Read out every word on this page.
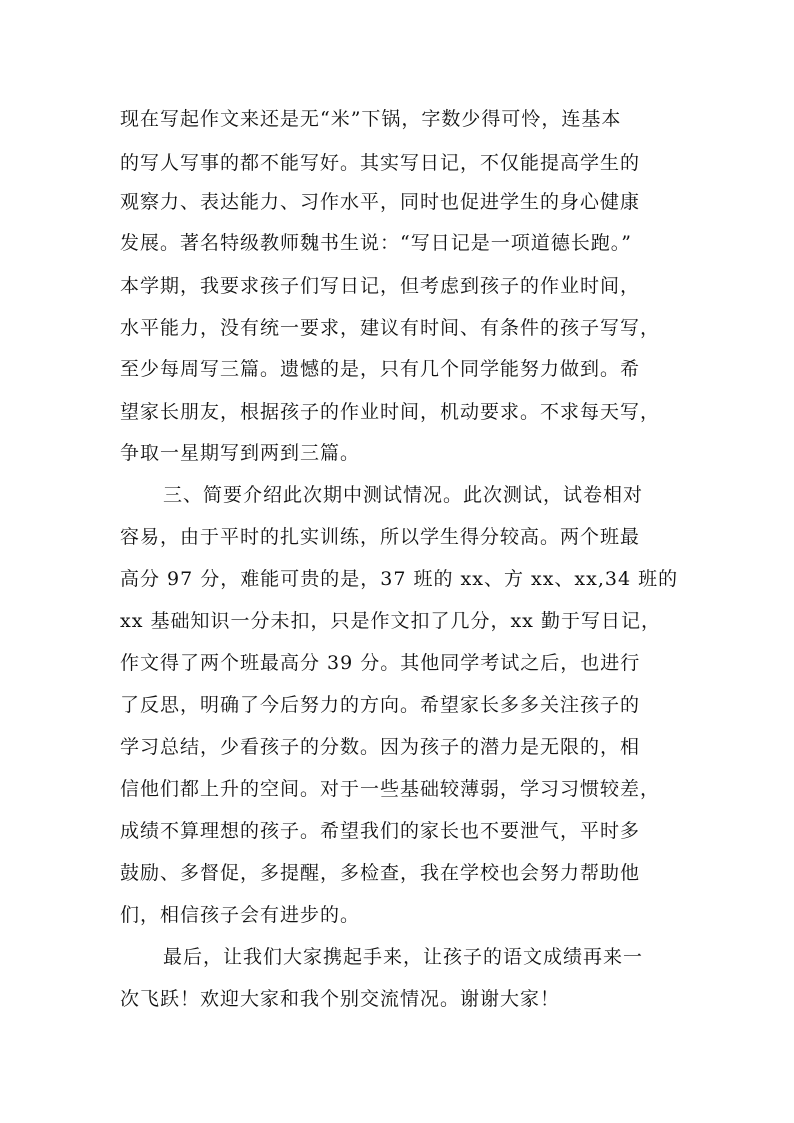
现在写起作文来还是无“米”下锅，字数少得可怜，连基本
的写人写事的都不能写好。其实写日记，不仅能提高学生的
观察力、表达能力、习作水平，同时也促进学生的身心健康
发展。著名特级教师魏书生说：“写日记是一项道德长跑。”
本学期，我要求孩子们写日记，但考虑到孩子的作业时间，
水平能力，没有统一要求，建议有时间、有条件的孩子写写，
至少每周写三篇。遗憾的是，只有几个同学能努力做到。希
望家长朋友，根据孩子的作业时间，机动要求。不求每天写，
争取一星期写到两到三篇。
三、简要介绍此次期中测试情况。此次测试，试卷相对
容易，由于平时的扎实训练，所以学生得分较高。两个班最
高分 97 分，难能可贵的是，37 班的 xx、方 xx、xx,34 班的
xx 基础知识一分未扣，只是作文扣了几分，xx 勤于写日记，
作文得了两个班最高分 39 分。其他同学考试之后，也进行
了反思，明确了今后努力的方向。希望家长多多关注孩子的
学习总结，少看孩子的分数。因为孩子的潜力是无限的，相
信他们都上升的空间。对于一些基础较薄弱，学习习惯较差，
成绩不算理想的孩子。希望我们的家长也不要泄气，平时多
鼓励、多督促，多提醒，多检查，我在学校也会努力帮助他
们，相信孩子会有进步的。
最后，让我们大家携起手来，让孩子的语文成绩再来一
次飞跃！欢迎大家和我个别交流情况。谢谢大家！
